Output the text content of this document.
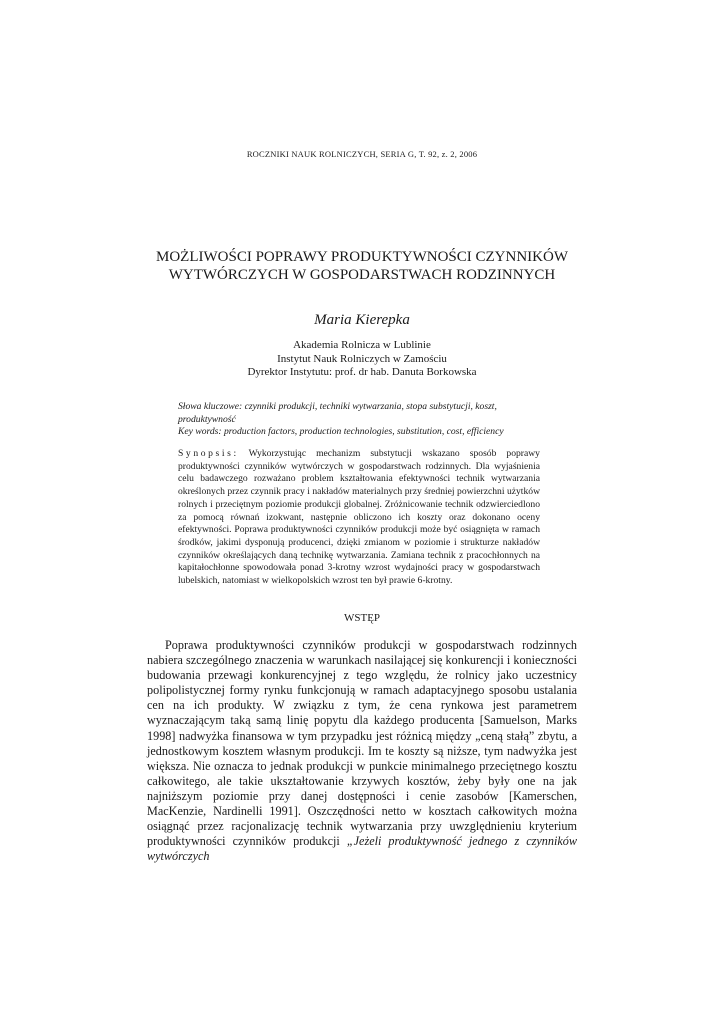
ROCZNIKI NAUK ROLNICZYCH, SERIA G, T. 92, z. 2, 2006
MOŻLIWOŚCI POPRAWY PRODUKTYWNOŚCI CZYNNIKÓW
WYTWÓRCZYCH W GOSPODARSTWACH RODZINNYCH
Maria Kierepka
Akademia Rolnicza w Lublinie
Instytut Nauk Rolniczych w Zamościu
Dyrektor Instytutu: prof. dr hab. Danuta Borkowska
Słowa kluczowe: czynniki produkcji, techniki wytwarzania, stopa substytucji, koszt, produktywność
Key words: production factors, production technologies, substitution, cost, efficiency
Synopsis: Wykorzystując mechanizm substytucji wskazano sposób poprawy produktywności czynników wytwórczych w gospodarstwach rodzinnych. Dla wyjaśnienia celu badawczego rozważano problem kształtowania efektywności technik wytwarzania określonych przez czynnik pracy i nakładów materialnych przy średniej powierzchni użytków rolnych i przeciętnym poziomie produkcji globalnej. Zróżnicowanie technik odzwierciedlono za pomocą równań izokwant, następnie obliczono ich koszty oraz dokonano oceny efektywności. Poprawa produktywności czynników produkcji może być osiągnięta w ramach środków, jakimi dysponują producenci, dzięki zmianom w poziomie i strukturze nakładów czynników określających daną technikę wytwarzania. Zamiana technik z pracochłonnych na kapitałochłonne spowodowała ponad 3-krotny wzrost wydajności pracy w gospodarstwach lubelskich, natomiast w wielkopolskich wzrost ten był prawie 6-krotny.
WSTĘP
Poprawa produktywności czynników produkcji w gospodarstwach rodzinnych nabiera szczególnego znaczenia w warunkach nasilającej się konkurencji i konieczności budowania przewagi konkurencyjnej z tego względu, że rolnicy jako uczestnicy polipolistycznej formy rynku funkcjonują w ramach adaptacyjnego sposobu ustalania cen na ich produkty. W związku z tym, że cena rynkowa jest parametrem wyznaczającym taką samą linię popytu dla każdego producenta [Samuelson, Marks 1998] nadwyżka finansowa w tym przypadku jest różnicą między „ceną stałą” zbytu, a jednostkowym kosztem własnym produkcji. Im te koszty są niższe, tym nadwyżka jest większa. Nie oznacza to jednak produkcji w punkcie minimalnego przeciętnego kosztu całkowitego, ale takie ukształtowanie krzywych kosztów, żeby były one na jak najniższym poziomie przy danej dostępności i cenie zasobów [Kamerschen, MacKenzie, Nardinelli 1991]. Oszczędności netto w kosztach całkowitych można osiągnąć przez racjonalizację technik wytwarzania przy uwzględnieniu kryterium produktywności czynników produkcji „Jeżeli produktywność jednego z czynników wytwórczych
